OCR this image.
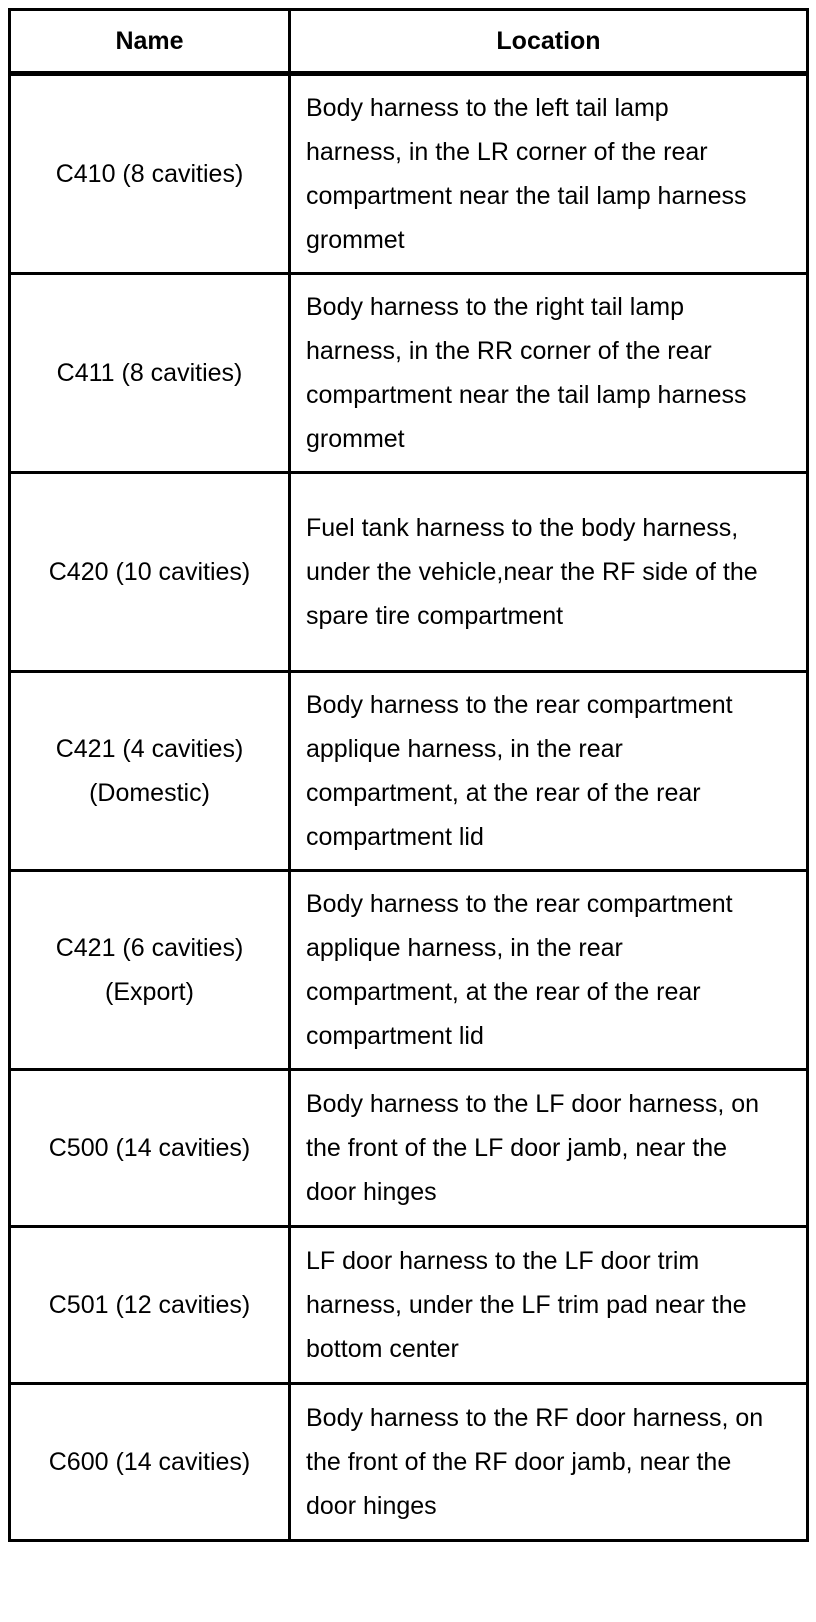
Name	Location

C410 (8 cavities)	Body harness to the left tail lamp harness, in the LR corner of the rear compartment near the tail lamp harness grommet

C411 (8 cavities)	Body harness to the right tail lamp harness, in the RR corner of the rear compartment near the tail lamp harness grommet

C420 (10 cavities)	Fuel tank harness to the body harness, under the vehicle,near the RF side of the spare tire compartment

C421 (4 cavities)
(Domestic)	Body harness to the rear compartment applique harness, in the rear compartment, at the rear of the rear compartment lid

C421 (6 cavities)
(Export)	Body harness to the rear compartment applique harness, in the rear compartment, at the rear of the rear compartment lid

C500 (14 cavities)	Body harness to the LF door harness, on the front of the LF door jamb, near the door hinges

C501 (12 cavities)	LF door harness to the LF door trim harness, under the LF trim pad near the bottom center

C600 (14 cavities)	Body harness to the RF door harness, on the front of the RF door jamb, near the door hinges
